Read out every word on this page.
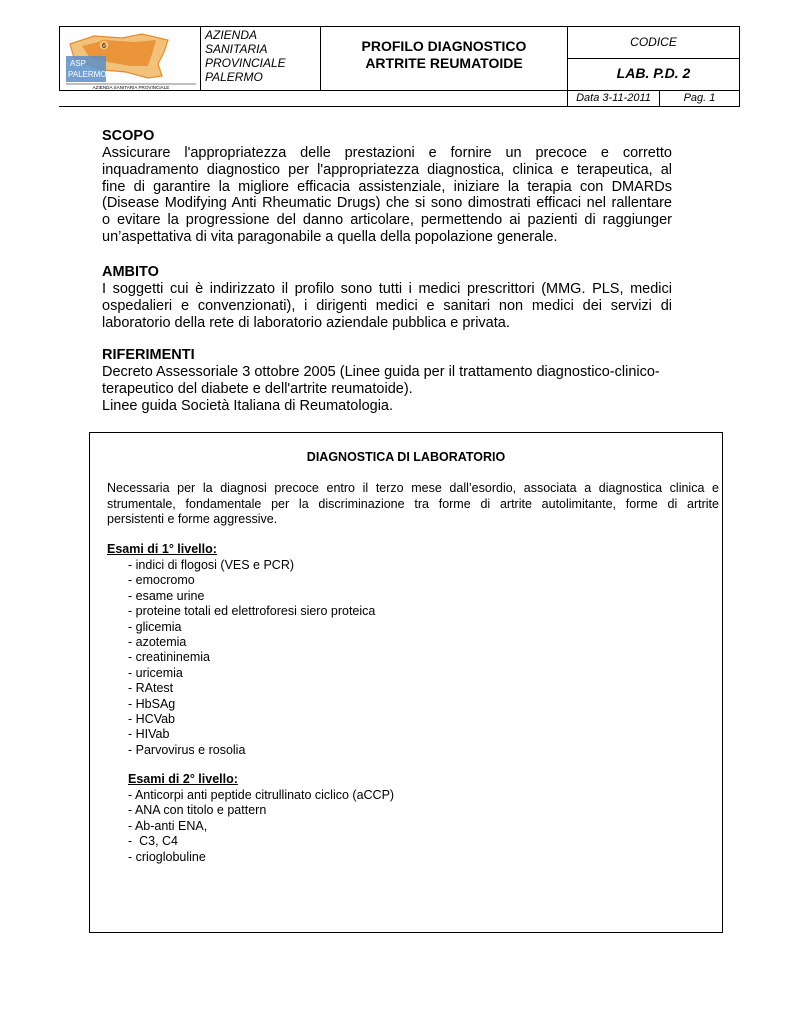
6
ASP
PALERMO
AZIENDA SANITARIA PROVINCIALE
AZIENDA
SANITARIA
PROVINCIALE
PALERMO
PROFILO DIAGNOSTICO
ARTRITE REUMATOIDE
CODICE
LAB. P.D. 2
Data 3-11-2011	Pag. 1
SCOPO

Assicurare l'appropriatezza delle prestazioni e fornire un precoce e corretto
inquadramento diagnostico per l'appropriatezza diagnostica, clinica e terapeutica, al
fine di garantire la migliore efficacia assistenziale, iniziare la terapia con DMARDs
(Disease Modifying Anti Rheumatic Drugs) che si sono dimostrati efficaci nel rallentare
o evitare la progressione del danno articolare, permettendo ai pazienti di raggiunger
un’aspettativa di vita paragonabile a quella della popolazione generale.

AMBITO

I soggetti cui è indirizzato il profilo sono tutti i medici prescrittori (MMG. PLS, medici
ospedalieri e convenzionati), i dirigenti medici e sanitari non medici dei servizi di
laboratorio della rete di laboratorio aziendale pubblica e privata.

RIFERIMENTI

Decreto Assessoriale 3 ottobre 2005 (Linee guida per il trattamento diagnostico-clinico-
terapeutico del diabete e dell'artrite reumatoide).
Linee guida Società Italiana di Reumatologia.

DIAGNOSTICA DI LABORATORIO
Necessaria per la diagnosi precoce entro il terzo mese dall’esordio, associata a diagnostica clinica e
strumentale, fondamentale per la discriminazione tra forme di artrite autolimitante, forme di artrite
persistenti e forme aggressive.
Esami di 1° livello:
- indici di flogosi (VES e PCR)
- emocromo
- esame urine
- proteine totali ed elettroforesi siero proteica
- glicemia
- azotemia
- creatininemia
- uricemia
- RAtest
- HbSAg
- HCVab
- HIVab
- Parvovirus e rosolia
Esami di 2° livello:
- Anticorpi anti peptide citrullinato ciclico (aCCP)
- ANA con titolo e pattern
- Ab-anti ENA,
-  C3, C4
- crioglobuline
